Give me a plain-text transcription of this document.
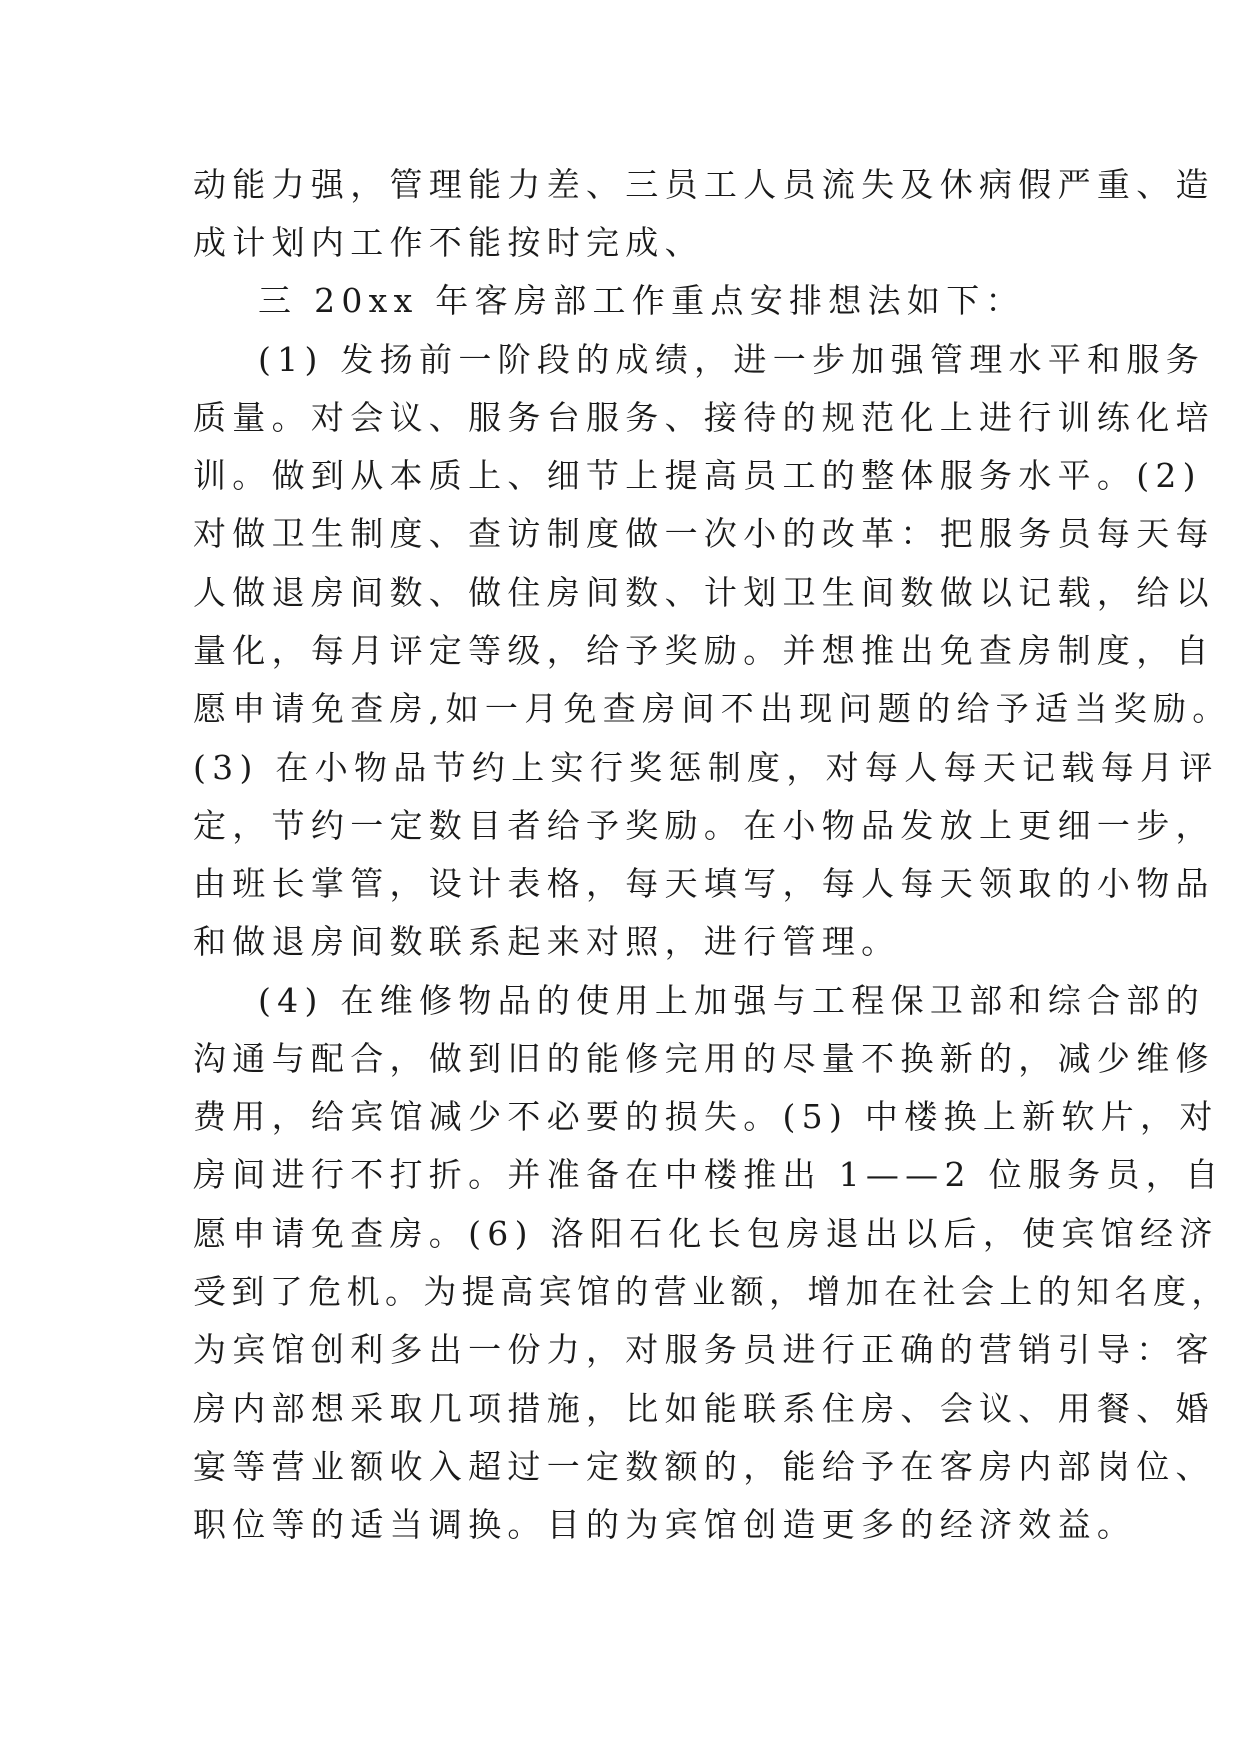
动能力强，管理能力差、三员工人员流失及休病假严重、造
成计划内工作不能按时完成、
三 20xx 年客房部工作重点安排想法如下：
(1) 发扬前一阶段的成绩，进一步加强管理水平和服务
质量。对会议、服务台服务、接待的规范化上进行训练化培
训。做到从本质上、细节上提高员工的整体服务水平。(2)
对做卫生制度、查访制度做一次小的改革：把服务员每天每
人做退房间数、做住房间数、计划卫生间数做以记载，给以
量化，每月评定等级，给予奖励。并想推出免查房制度，自
愿申请免查房,如一月免查房间不出现问题的给予适当奖励。
(3) 在小物品节约上实行奖惩制度，对每人每天记载每月评
定，节约一定数目者给予奖励。在小物品发放上更细一步，
由班长掌管，设计表格，每天填写，每人每天领取的小物品
和做退房间数联系起来对照，进行管理。
(4) 在维修物品的使用上加强与工程保卫部和综合部的
沟通与配合，做到旧的能修完用的尽量不换新的，减少维修
费用，给宾馆减少不必要的损失。(5) 中楼换上新软片，对
房间进行不打折。并准备在中楼推出 1——2 位服务员，自
愿申请免查房。(6) 洛阳石化长包房退出以后，使宾馆经济
受到了危机。为提高宾馆的营业额，增加在社会上的知名度，
为宾馆创利多出一份力，对服务员进行正确的营销引导：客
房内部想采取几项措施，比如能联系住房、会议、用餐、婚
宴等营业额收入超过一定数额的，能给予在客房内部岗位、
职位等的适当调换。目的为宾馆创造更多的经济效益。
